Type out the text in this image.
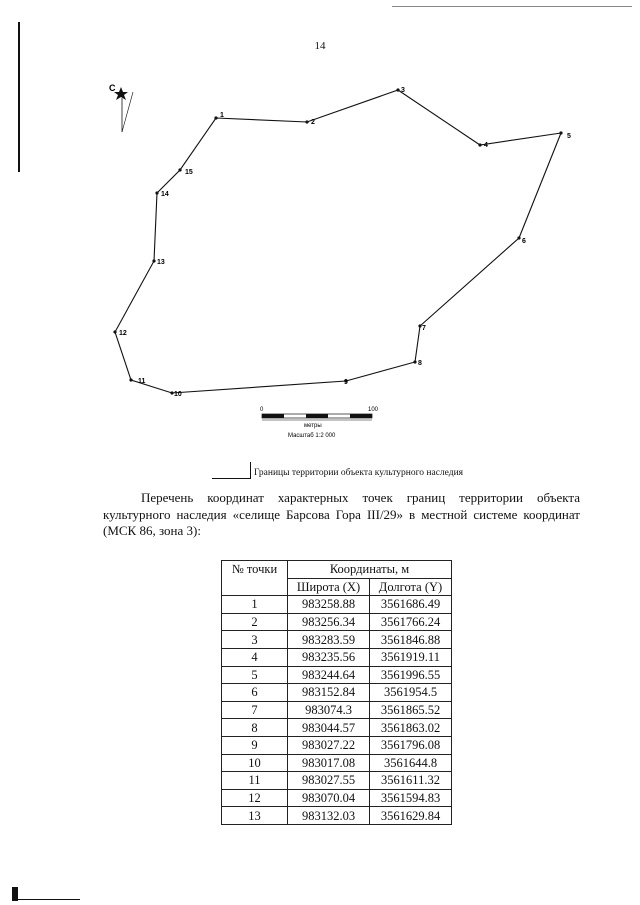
14
С
1
2
3
4
5
6
7
8
9
10
11
12
13
14
15
0	100
метры
Масштаб 1:2 000
Границы территории объекта культурного наследия

Перечень координат характерных точек границ территории объекта культурного наследия «селище Барсова Гора III/29» в местной системе координат (МСК 86, зона 3):

№ точки	Координаты, м	
	Широта (X)	Долгота (Y)
1	983258.88	3561686.49
2	983256.34	3561766.24
3	983283.59	3561846.88
4	983235.56	3561919.11
5	983244.64	3561996.55
6	983152.84	3561954.5
7	983074.3	3561865.52
8	983044.57	3561863.02
9	983027.22	3561796.08
10	983017.08	3561644.8
11	983027.55	3561611.32
12	983070.04	3561594.83
13	983132.03	3561629.84
